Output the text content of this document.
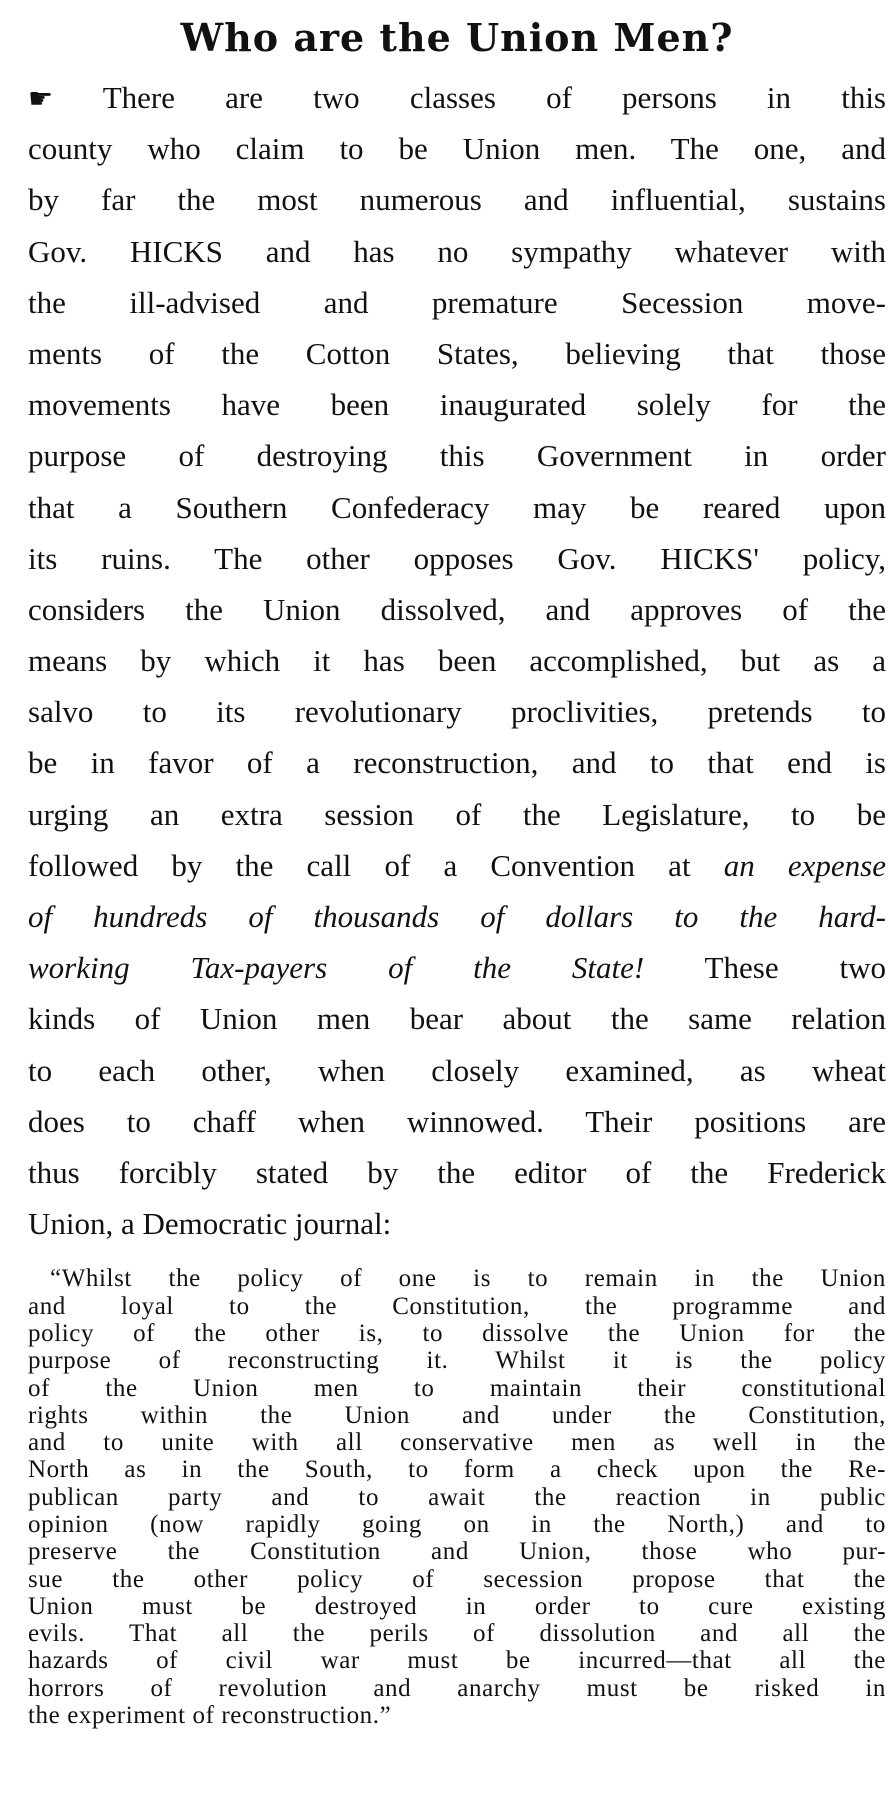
Who are the Union Men?
☛ There are two classes of persons in this
county who claim to be Union men. The one, and
by far the most numerous and influential, sustains
Gov. HICKS and has no sympathy whatever with
the ill-advised and premature Secession move-
ments of the Cotton States, believing that those
movements have been inaugurated solely for the
purpose of destroying this Government in order
that a Southern Confederacy may be reared upon
its ruins. The other opposes Gov. HICKS' policy,
considers the Union dissolved, and approves of the
means by which it has been accomplished, but as a
salvo to its revolutionary proclivities, pretends to
be in favor of a reconstruction, and to that end is
urging an extra session of the Legislature, to be
followed by the call of a Convention at an expense
of hundreds of thousands of dollars to the hard-
working Tax-payers of the State! These two
kinds of Union men bear about the same relation
to each other, when closely examined, as wheat
does to chaff when winnowed. Their positions are
thus forcibly stated by the editor of the Frederick
Union, a Democratic journal:
“Whilst the policy of one is to remain in the Union
and loyal to the Constitution, the programme and
policy of the other is, to dissolve the Union for the
purpose of reconstructing it. Whilst it is the policy
of the Union men to maintain their constitutional
rights within the Union and under the Constitution,
and to unite with all conservative men as well in the
North as in the South, to form a check upon the Re-
publican party and to await the reaction in public
opinion (now rapidly going on in the North,) and to
preserve the Constitution and Union, those who pur-
sue the other policy of secession propose that the
Union must be destroyed in order to cure existing
evils. That all the perils of dissolution and all the
hazards of civil war must be incurred—that all the
horrors of revolution and anarchy must be risked in
the experiment of reconstruction.”
